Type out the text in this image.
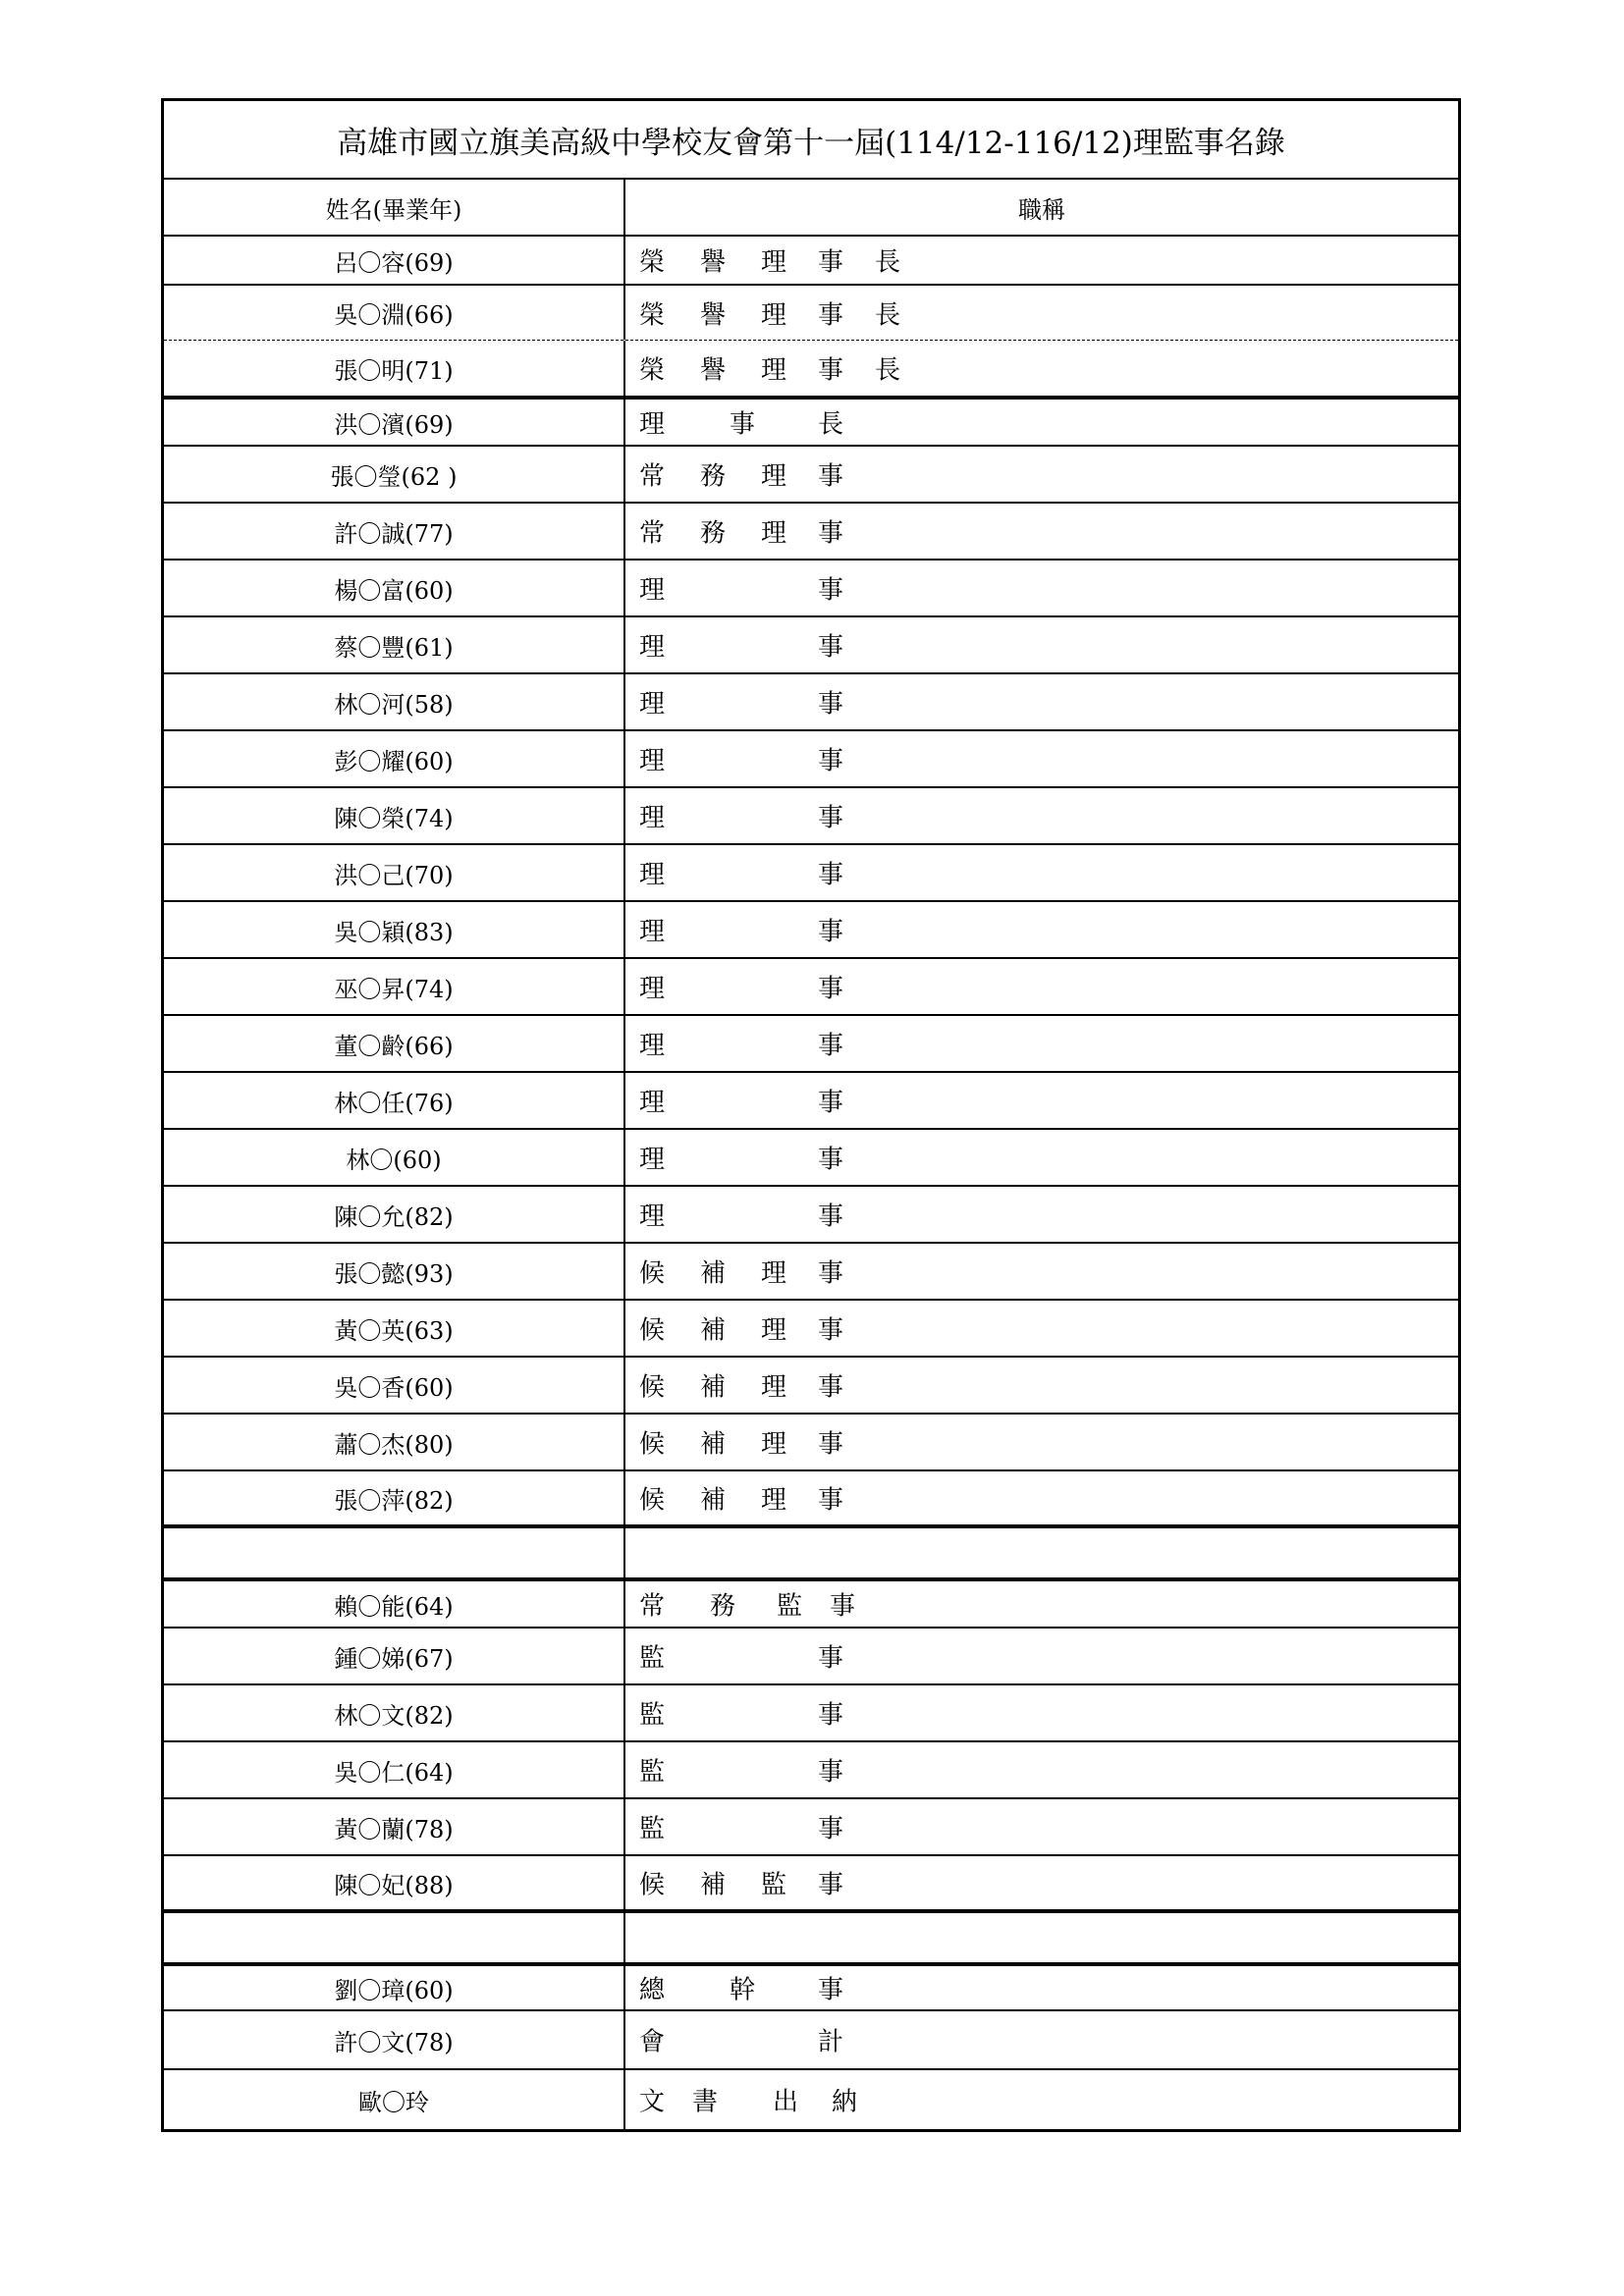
高雄市國立旗美高級中學校友會第十一屆(114/12-116/12)理監事名錄
姓名(畢業年)	職稱
呂〇容(69)	榮 譽 理 事 長
吳〇淵(66)	榮 譽 理 事 長
張〇明(71)	榮 譽 理 事 長
洪〇濱(69)	理	事 長
張〇瑩(62 )	常 務 理 事
許〇誠(77)	常 務 理 事
楊〇富(60)	理	事
蔡〇豐(61)	理	事
林〇河(58)	理	事
彭〇耀(60)	理	事
陳〇榮(74)	理	事
洪〇己(70)	理	事
吳〇穎(83)	理	事
巫〇昇(74)	理	事
董〇齡(66)	理	事
林〇任(76)	理	事
林〇(60)	理	事
陳〇允(82)	理	事
張〇懿(93)	候 補 理 事
黃〇英(63)	候 補 理 事
吳〇香(60)	候 補 理 事
蕭〇杰(80)	候 補 理 事
張〇萍(82)	候 補 理 事
賴〇能(64)	常 務 監 事
鍾〇娣(67)	監	事
林〇文(82)	監	事
吳〇仁(64)	監	事
黃〇蘭(78)	監	事
陳〇妃(88)	候 補 監 事
劉〇璋(60)	總	幹 事
許〇文(78)	會	計
歐〇玲	文 書 出 納
